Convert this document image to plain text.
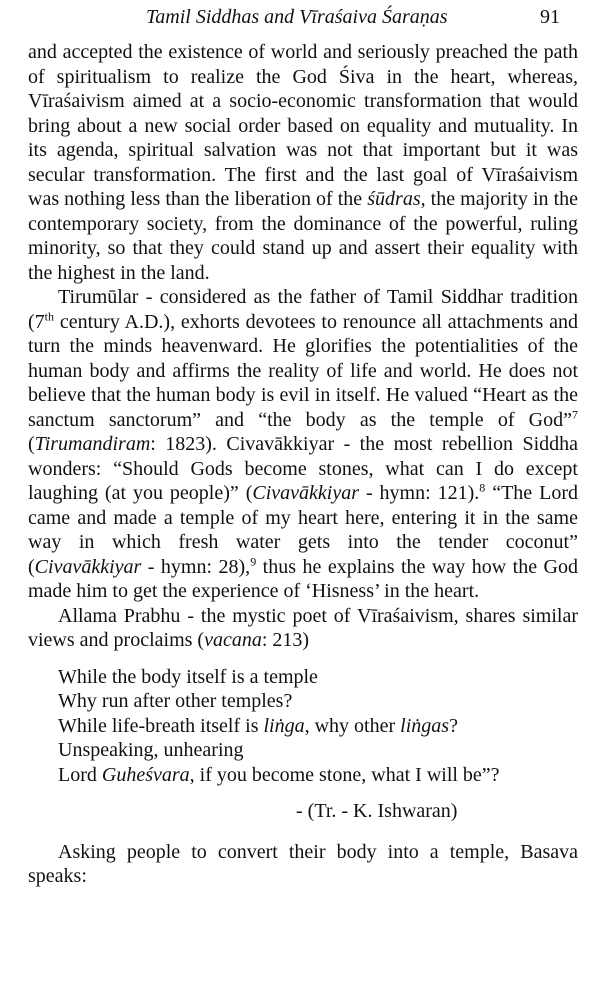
Tamil Siddhas and Vīraśaiva Śaraṇas	91

and accepted the existence of world and seriously preached the path of spiritualism to realize the God Śiva in the heart, whereas, Vīraśaivism aimed at a socio-economic transformation that would bring about a new social order based on equality and mutuality. In its agenda, spiritual salvation was not that important but it was secular transformation. The first and the last goal of Vīraśaivism was nothing less than the liberation of the śūdras, the majority in the contemporary society, from the dominance of the powerful, ruling minority, so that they could stand up and assert their equality with the highest in the land.

Tirumūlar - considered as the father of Tamil Siddhar tradition (7th century A.D.), exhorts devotees to renounce all attachments and turn the minds heavenward. He glorifies the potentialities of the human body and affirms the reality of life and world. He does not believe that the human body is evil in itself. He valued “Heart as the sanctum sanctorum” and “the body as the temple of God”$^7$ (Tirumandiram: 1823). Civavākkiyar - the most rebellion Siddha wonders: “Should Gods become stones, what can I do except laughing (at you people)” (Civavākkiyar - hymn: 121).$^8$ “The Lord came and made a temple of my heart here, entering it in the same way in which fresh water gets into the tender coconut” (Civavākkiyar - hymn: 28),$^9$ thus he explains the way how the God made him to get the experience of ‘Hisness’ in the heart.

Allama Prabhu - the mystic poet of Vīraśaivism, shares similar views and proclaims (vacana: 213)

While the body itself is a temple
Why run after other temples?
While life-breath itself is liṅga, why other liṅgas?
Unspeaking, unhearing
Lord Guheśvara, if you become stone, what I will be”?
- (Tr. - K. Ishwaran)

Asking people to convert their body into a temple, Basava speaks:
